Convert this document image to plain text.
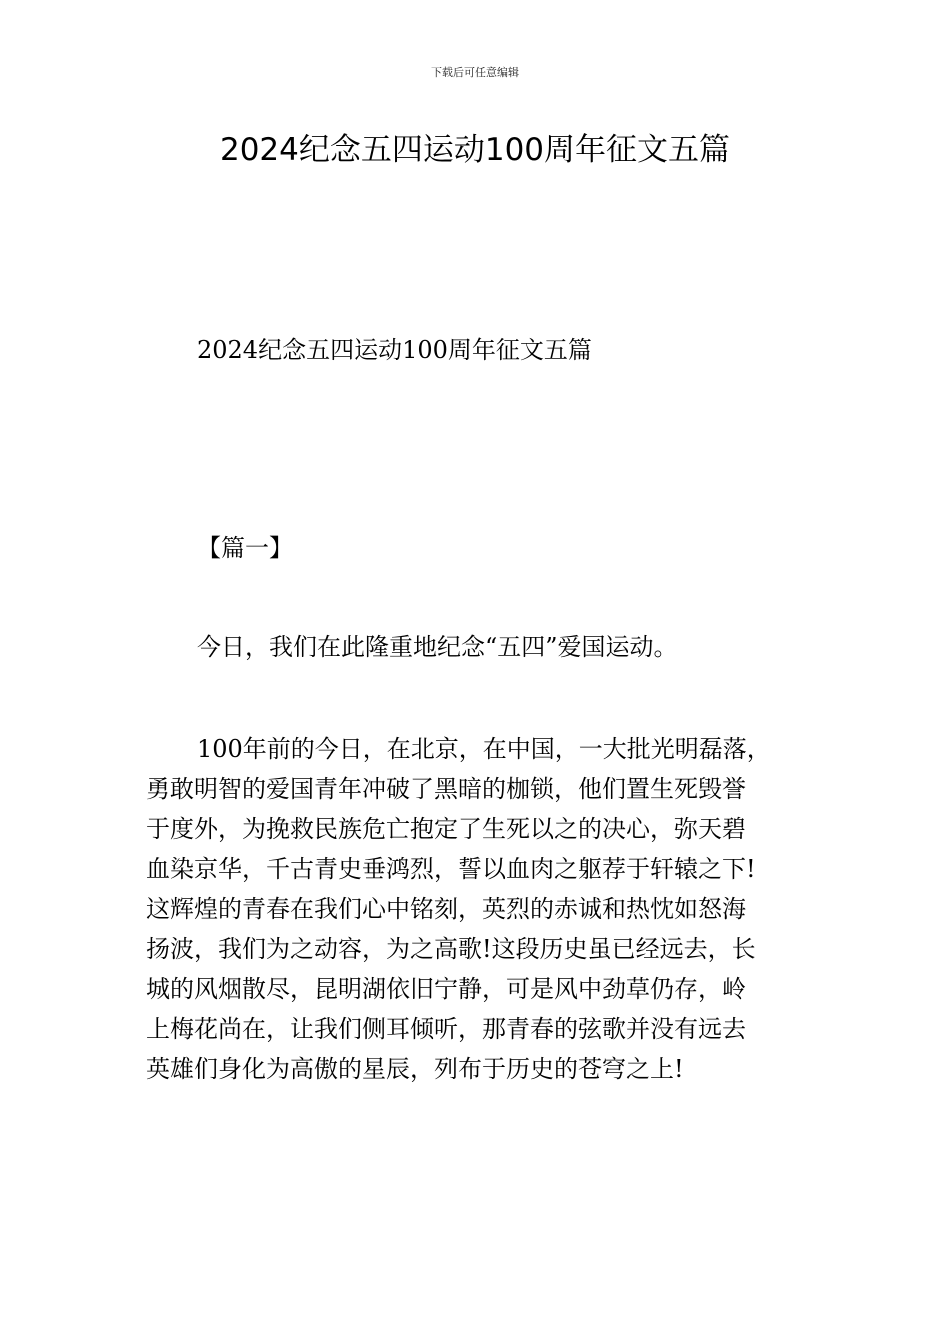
下载后可任意编辑
2024纪念五四运动100周年征文五篇
2024纪念五四运动100周年征文五篇
【篇一】
今日，我们在此隆重地纪念“五四”爱国运动。
100年前的今日，在北京，在中国，一大批光明磊落，
勇敢明智的爱国青年冲破了黑暗的枷锁，他们置生死毁誉
于度外，为挽救民族危亡抱定了生死以之的决心，弥天碧
血染京华，千古青史垂鸿烈，誓以血肉之躯荐于轩辕之下!
这辉煌的青春在我们心中铭刻，英烈的赤诚和热忱如怒海
扬波，我们为之动容，为之高歌!这段历史虽已经远去，长
城的风烟散尽，昆明湖依旧宁静，可是风中劲草仍存，岭
上梅花尚在，让我们侧耳倾听，那青春的弦歌并没有远去
英雄们身化为高傲的星辰，列布于历史的苍穹之上!
